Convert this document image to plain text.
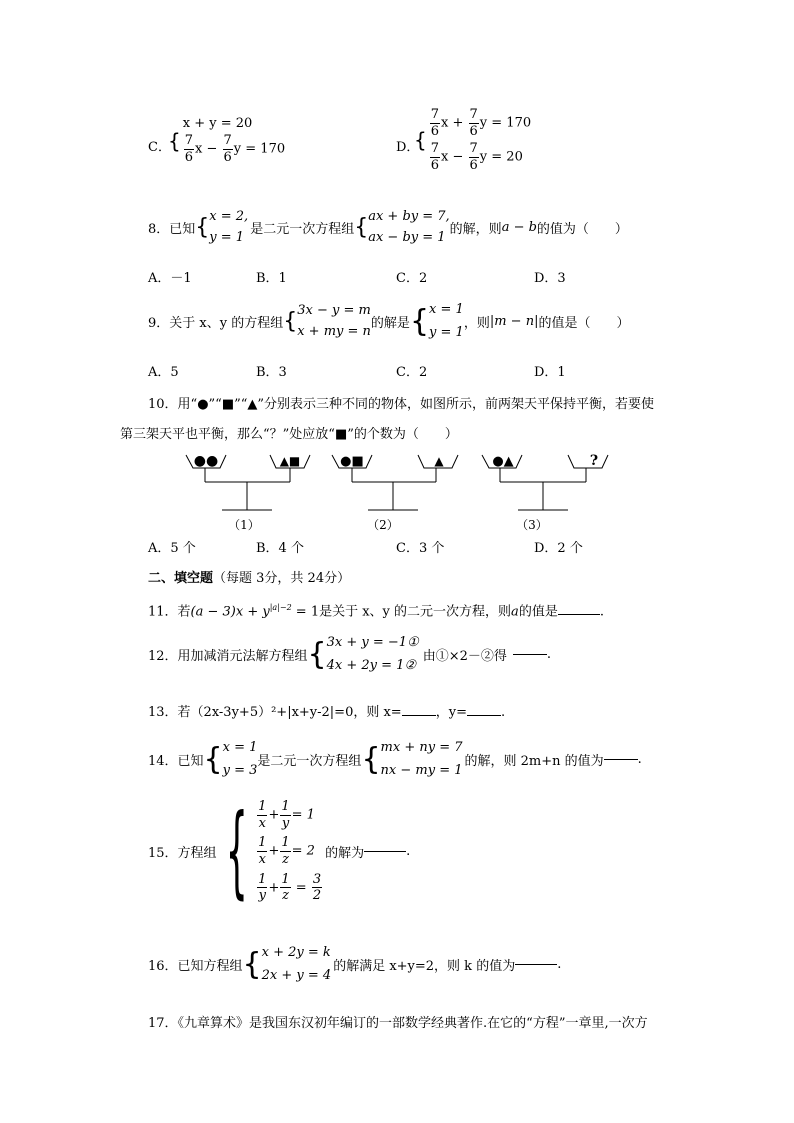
C．
{
x + y = 20
$\frac{7}{6}$ $x - \frac{7}{6}$ y = 170	D．
{
$\frac{7}{6}$ $x + \frac{7}{6}$ y = 170
$\frac{7}{6}$ $x - \frac{7}{6}$ y = 20
8．已知 { x = 2,
y = 1
是二元一次方程组 { ax + by = 7,
ax − by = 1
的解，则 a − b 的值为（　　）
A．－1	B．1	C．2	D．3
9．关于 x、y 的方程组 { 3x − y = m
x + my = n
的解是 { x = 1
y = 1
，则 |m − n| 的值是（　　）
A．5	B．3	C．2	D．1
10．用“●”“■”“▲”分别表示三种不同的物体，如图所示，前两架天平保持平衡，若要使
第三架天平也平衡，那么“？”处应放“■”的个数为（　　）
●●	▲■
（1）
●■	▲
（2）
●▲	?
（3）
A．5 个	B．4 个	C．3 个	D．2 个
二、填空题（每题 3分，共 24分）
11．若$(a - 3)x + y^{|a|-2} = 1$是关于 x、y 的二元一次方程，则a的值是	.
12．用加减消元法解方程组 { 3x + y = −1①
4x + 2y = 1②
由①×2－②得	.
13．若（2x-3y+5）²+|x+y-2|=0，则 x=	，y=	.
14．已知 { x = 1
y = 3
是二元一次方程组 { mx + ny = 7
nx − my = 1
的解，则 2m+n 的值为	.
15．方程组 { $\frac{1}{x} + \frac{1}{y} = 1$
$\frac{1}{x} + \frac{1}{z} = 2$
$\frac{1}{y} + \frac{1}{z} = \frac{3}{2}$
的解为	.
16．已知方程组 { x + 2y = k
2x + y = 4
的解满足 x+y=2，则 k 的值为	.
17．《九章算术》是我国东汉初年编订的一部数学经典著作.在它的“方程”一章里,一次方
